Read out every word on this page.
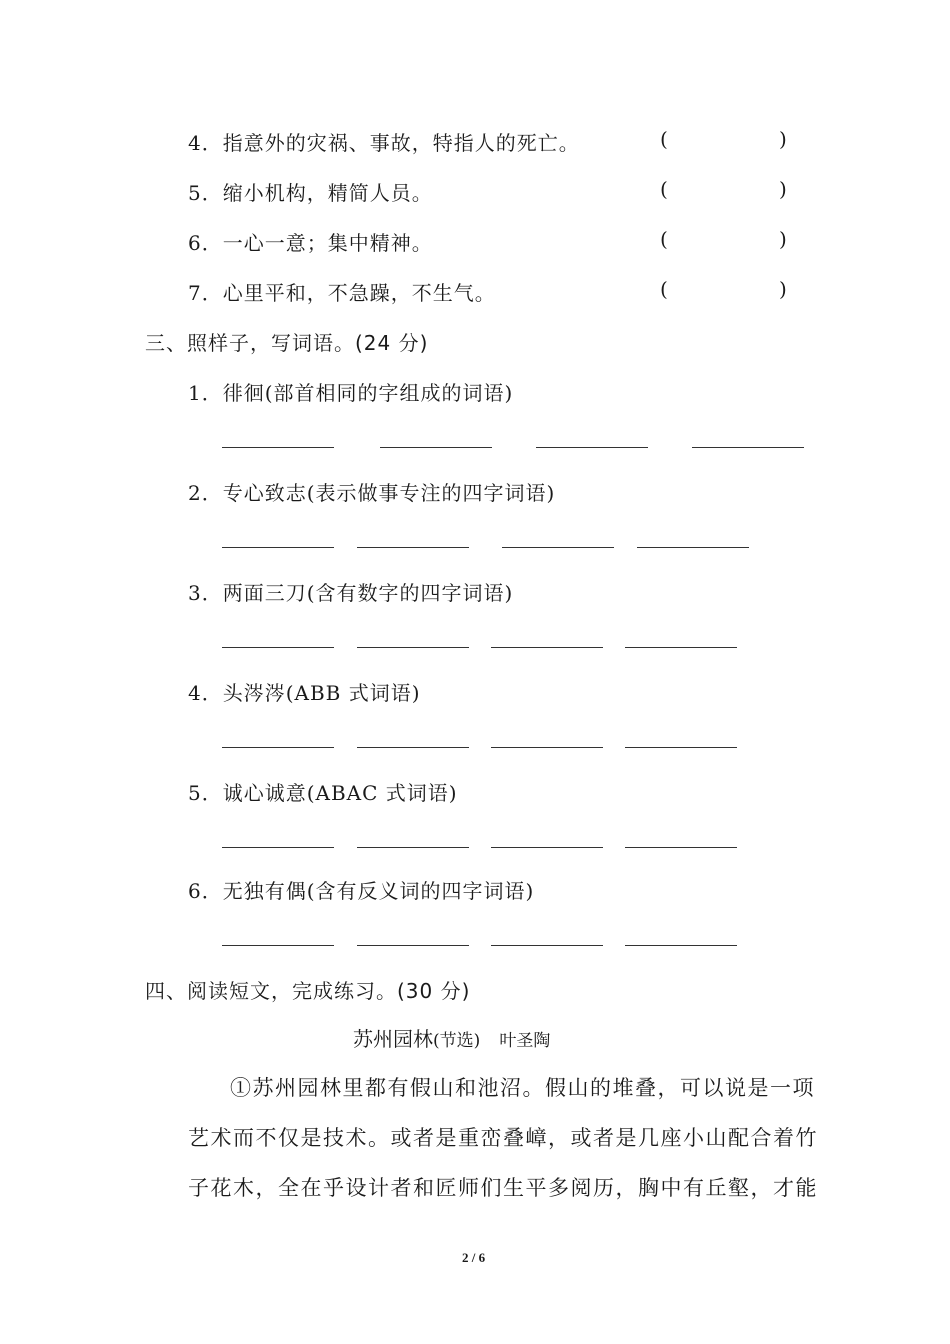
4．指意外的灾祸、事故，特指人的死亡。	(	)
5．缩小机构，精简人员。	(	)
6．一心一意；集中精神。	(	)
7．心里平和，不急躁，不生气。	(	)
三、照样子，写词语。(24 分)
1．徘徊(部首相同的字组成的词语)
2．专心致志(表示做事专注的四字词语)
3．两面三刀(含有数字的四字词语)
4．头涔涔(ABB 式词语)
5．诚心诚意(ABAC 式词语)
6．无独有偶(含有反义词的四字词语)
四、阅读短文，完成练习。(30 分)
苏州园林(节选) 叶圣陶
①苏州园林里都有假山和池沼。假山的堆叠，可以说是一项
艺术而不仅是技术。或者是重峦叠嶂，或者是几座小山配合着竹
子花木，全在乎设计者和匠师们生平多阅历，胸中有丘壑，才能
2 / 6
